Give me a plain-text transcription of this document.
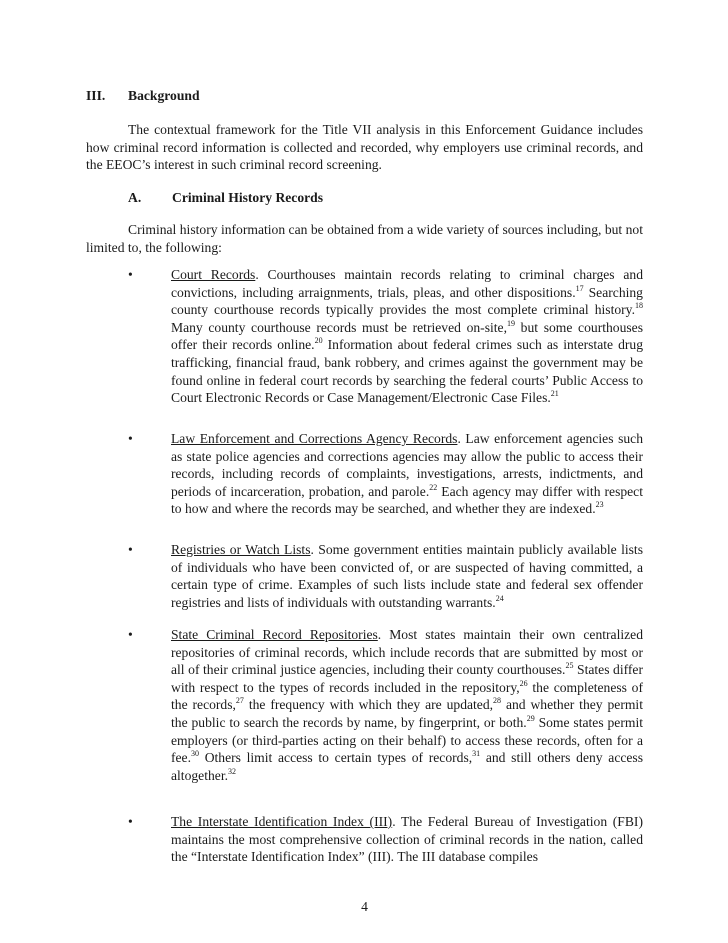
III.	Background
The contextual framework for the Title VII analysis in this Enforcement Guidance includes how criminal record information is collected and recorded, why employers use criminal records, and the EEOC’s interest in such criminal record screening.
A.	Criminal History Records
Criminal history information can be obtained from a wide variety of sources including, but not limited to, the following:
•	Court Records. Courthouses maintain records relating to criminal charges and convictions, including arraignments, trials, pleas, and other dispositions.$^{17}$ Searching county courthouse records typically provides the most complete criminal history.$^{18}$ Many county courthouse records must be retrieved on-site,$^{19}$ but some courthouses offer their records online.$^{20}$ Information about federal crimes such as interstate drug trafficking, financial fraud, bank robbery, and crimes against the government may be found online in federal court records by searching the federal courts’ Public Access to Court Electronic Records or Case Management/Electronic Case Files.$^{21}$
•	Law Enforcement and Corrections Agency Records. Law enforcement agencies such as state police agencies and corrections agencies may allow the public to access their records, including records of complaints, investigations, arrests, indictments, and periods of incarceration, probation, and parole.$^{22}$ Each agency may differ with respect to how and where the records may be searched, and whether they are indexed.$^{23}$
•	Registries or Watch Lists. Some government entities maintain publicly available lists of individuals who have been convicted of, or are suspected of having committed, a certain type of crime. Examples of such lists include state and federal sex offender registries and lists of individuals with outstanding warrants.$^{24}$
•	State Criminal Record Repositories. Most states maintain their own centralized repositories of criminal records, which include records that are submitted by most or all of their criminal justice agencies, including their county courthouses.$^{25}$ States differ with respect to the types of records included in the repository,$^{26}$ the completeness of the records,$^{27}$ the frequency with which they are updated,$^{28}$ and whether they permit the public to search the records by name, by fingerprint, or both.$^{29}$ Some states permit employers (or third-parties acting on their behalf) to access these records, often for a fee.$^{30}$ Others limit access to certain types of records,$^{31}$ and still others deny access altogether.$^{32}$
•	The Interstate Identification Index (III). The Federal Bureau of Investigation (FBI) maintains the most comprehensive collection of criminal records in the nation, called the “Interstate Identification Index” (III). The III database compiles
4
